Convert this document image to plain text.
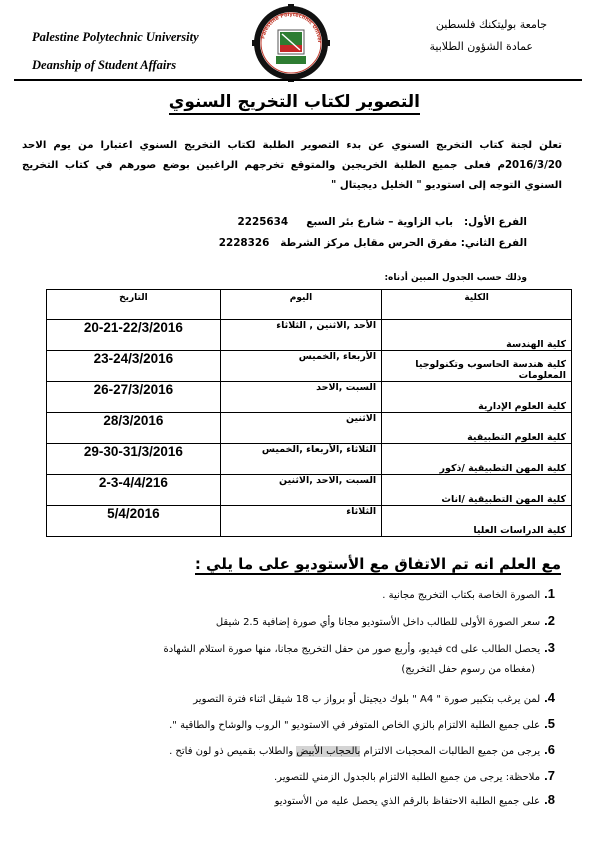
Palestine Polytechnic University
Deanship of Student Affairs
جامعة بوليتكنك فلسطين
عمادة الشؤون الطلابية
Palestine Polytechnic Univer
التصوير لكتاب التخريج السنوي
تعلن لجنة كتاب التخريج السنوي عن بدء التصوير الطلبة لكتاب التخريج السنوي اعتبارا من يوم الاحد 2016/3/20م فعلى جميع الطلبة الخريجين والمتوقع تخرجهم الراغبين بوضع صورهم في كتاب التخريج السنوي التوجه إلى استوديو " الخليل ديجيتال "
الفرع الأول:   باب الزاوية – شارع بئر السبع     2225634
الفرع الثاني: مفرق الحرس مقابل مركز الشرطة   2228326
وذلك حسب الجدول المبين أدناه:
الكلية	اليوم	التاريخ
كلية الهندسة	الأحد ,الاثنين , الثلاثاء	20-21-22/3/2016
كلية هندسة الحاسوب وتكنولوجيا المعلومات	الأربعاء ,الخميس	23-24/3/2016
كلية العلوم الإدارية	السبت ,الاحد	26-27/3/2016
كلية العلوم التطبيقية	الاثنين	28/3/2016
كلية المهن التطبيقية /ذكور	الثلاثاء ,الأربعاء ,الخميس	29-30-31/3/2016
كلية المهن التطبيقية /اناث	السبت ,الاحد ,الاثنين	2-3-4/4/216
كلية الدراسات العليا	الثلاثاء	5/4/2016
مع العلم انه تم الاتفاق مع الأستوديو على ما يلي :
1.الصورة الخاصة بكتاب التخريج مجانية .
2.سعر الصورة الأولى للطالب داخل الأستوديو مجانا وأي صورة إضافية 2.5 شيقل
3.يحصل الطالب على cd فيديو، وأربع صور من حفل التخريج مجانا، منها صورة استلام الشهادة
(مغطاه من رسوم حفل التخريج)
4.لمن يرغب بتكبير صورة " A4 " بلوك ديجيتل أو برواز ب 18 شيقل اثناء فترة التصوير
5.على جميع الطلبة الالتزام بالزي الخاص المتوفر في الاستوديو " الروب والوشاح والطاقية ".
6.يرجى من جميع الطالبات المحجبات الالتزام بالحجاب الأبيض والطلاب بقميص ذو لون فاتح .
7.ملاحظة: يرجى من جميع الطلبة الالتزام بالجدول الزمني للتصوير.
8.على جميع الطلبة الاحتفاظ بالرقم الذي يحصل عليه من الأستوديو
